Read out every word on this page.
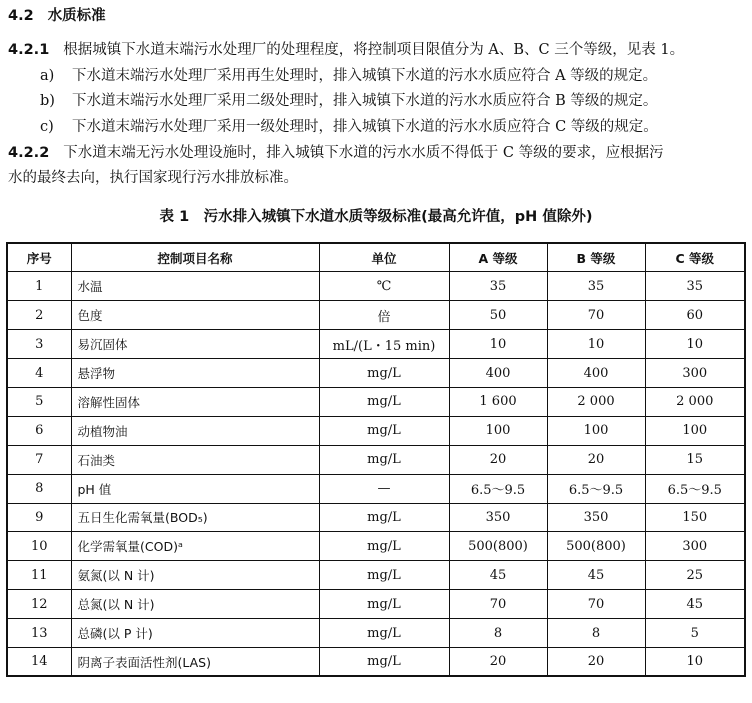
4.2 水质标准
4.2.1 根据城镇下水道末端污水处理厂的处理程度，将控制项目限值分为 A、B、C 三个等级，见表 1。
a) 下水道末端污水处理厂采用再生处理时，排入城镇下水道的污水水质应符合 A 等级的规定。
b) 下水道末端污水处理厂采用二级处理时，排入城镇下水道的污水水质应符合 B 等级的规定。
c) 下水道末端污水处理厂采用一级处理时，排入城镇下水道的污水水质应符合 C 等级的规定。
4.2.2 下水道末端无污水处理设施时，排入城镇下水道的污水水质不得低于 C 等级的要求，应根据污
水的最终去向，执行国家现行污水排放标准。
表 1　污水排入城镇下水道水质等级标准(最高允许值，pH 值除外)
序号	控制项目名称	单位	A 等级	B 等级	C 等级
1	水温	℃	35	35	35
2	色度	倍	50	70	60
3	易沉固体	mL/(L・15 min)	10	10	10
4	悬浮物	mg/L	400	400	300
5	溶解性固体	mg/L	1 600	2 000	2 000
6	动植物油	mg/L	100	100	100
7	石油类	mg/L	20	20	15
8	pH 值	—	6.5～9.5	6.5～9.5	6.5～9.5
9	五日生化需氧量(BOD₅)	mg/L	350	350	150
10	化学需氧量(COD)ᵃ	mg/L	500(800)	500(800)	300
11	氨氮(以 N 计)	mg/L	45	45	25
12	总氮(以 N 计)	mg/L	70	70	45
13	总磷(以 P 计)	mg/L	8	8	5
14	阴离子表面活性剂(LAS)	mg/L	20	20	10
